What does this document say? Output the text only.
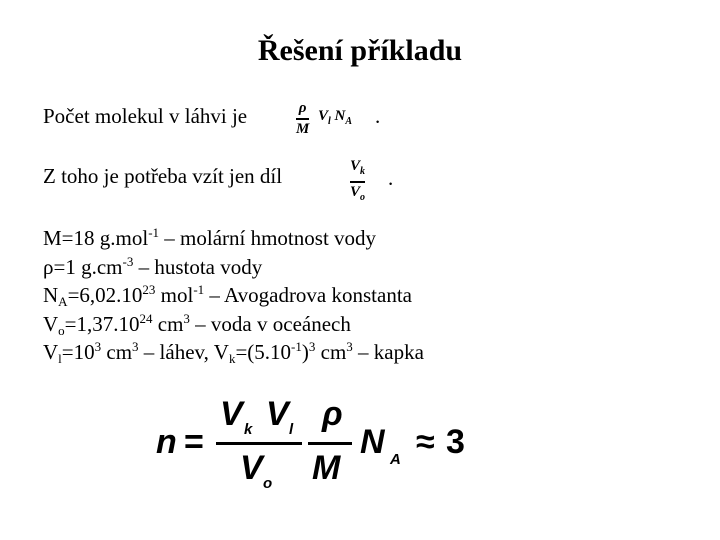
Řešení příkladu
Počet molekul v láhvi je	ρ
M
$V_l$ $N_A$ .
Z toho je potřeba vzít jen díl	$V_k$
$V_o$
.
M=18 g.mol$^{-1}$ – molární hmotnost vody
ρ=1 $g.cm^{-3}$ – hustota vody
$N_A=6,02.10^{23}$ mol$^{-1}$ – Avogadrova konstanta
$V_o=1,37.10^{24}$ $cm^3$ – voda v oceánech
$V_l=10^3$ $cm^3$ – láhev, $V_k=(5.10^{-1})^3$ $cm^3$ – kapka
n =
V k V l
V o
ρ
M
N A ≈ 3
